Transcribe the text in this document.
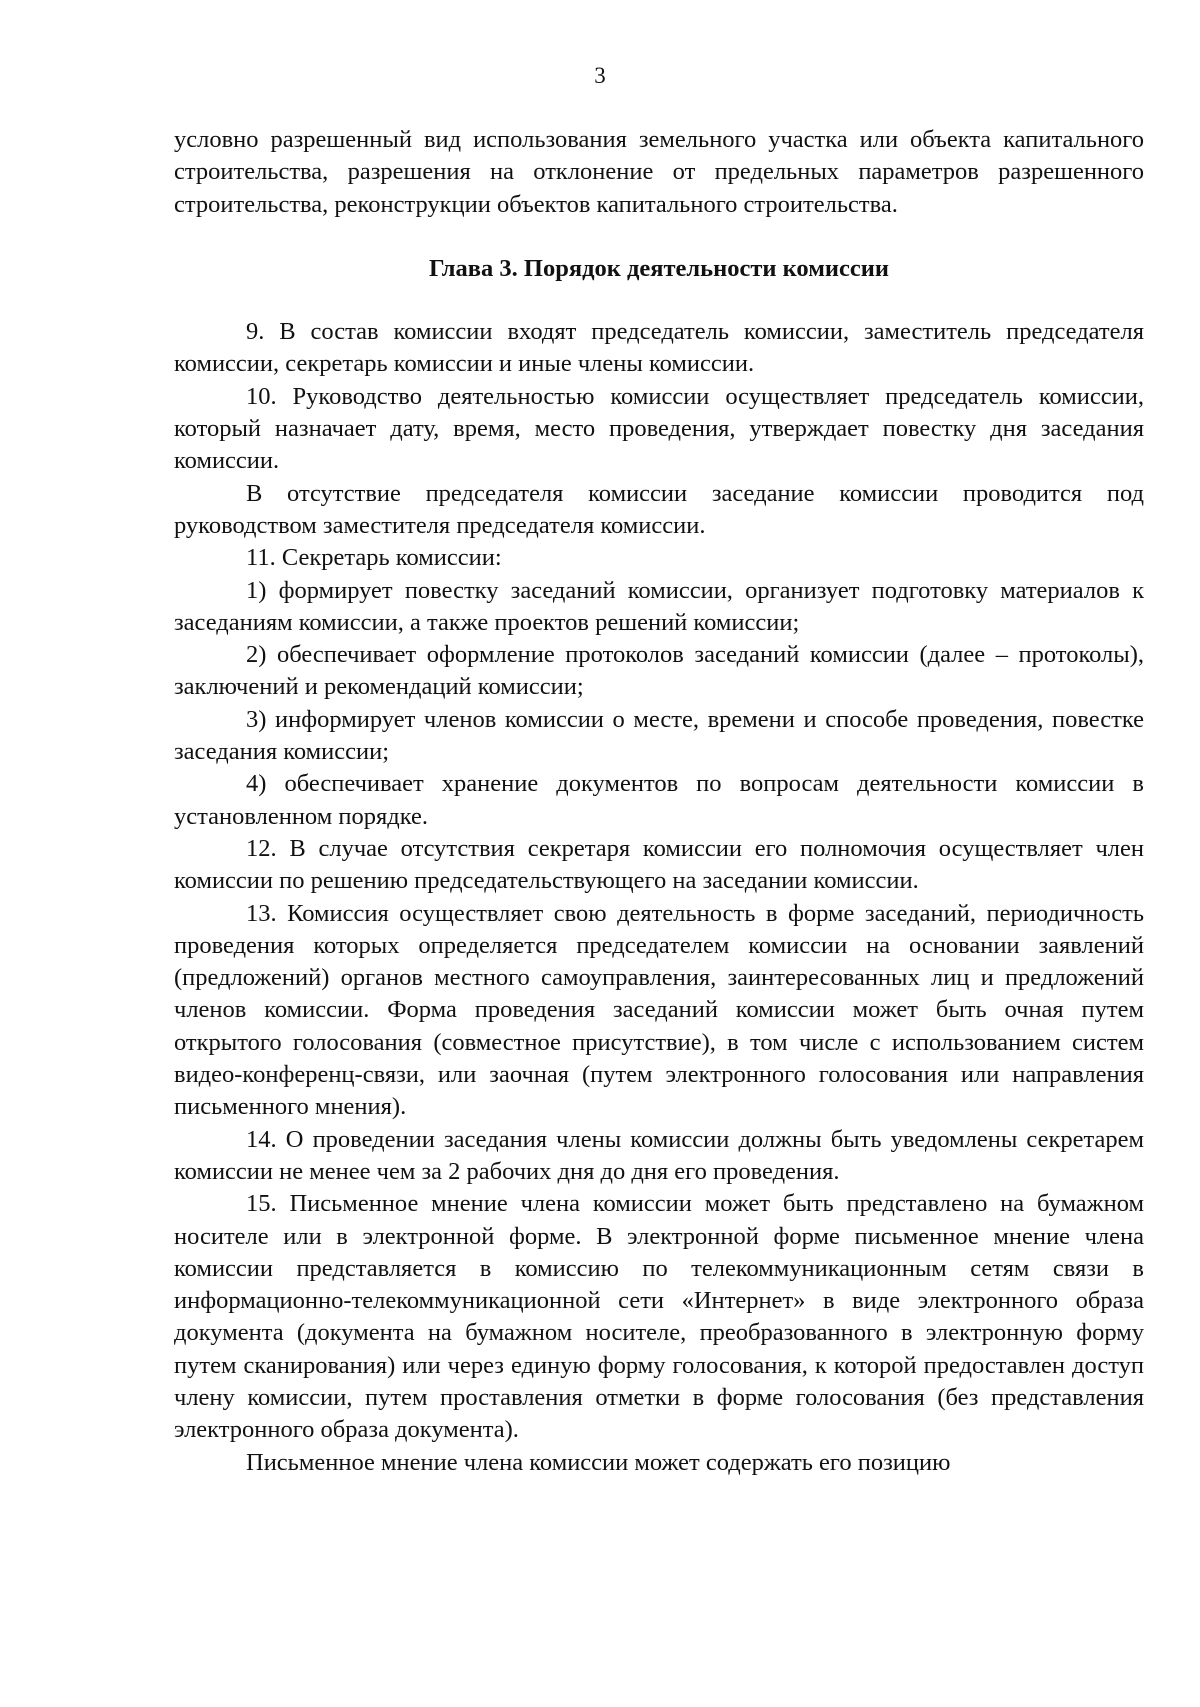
3

условно разрешенный вид использования земельного участка или объекта капитального строительства, разрешения на отклонение от предельных параметров разрешенного строительства, реконструкции объектов капитального строительства.

Глава 3. Порядок деятельности комиссии

9. В состав комиссии входят председатель комиссии, заместитель председателя комиссии, секретарь комиссии и иные члены комиссии.

10. Руководство деятельностью комиссии осуществляет председатель комиссии, который назначает дату, время, место проведения, утверждает повестку дня заседания комиссии.

В отсутствие председателя комиссии заседание комиссии проводится под руководством заместителя председателя комиссии.

11. Секретарь комиссии:

1) формирует повестку заседаний комиссии, организует подготовку материалов к заседаниям комиссии, а также проектов решений комиссии;

2) обеспечивает оформление протоколов заседаний комиссии (далее – протоколы), заключений и рекомендаций комиссии;

3) информирует членов комиссии о месте, времени и способе проведения, повестке заседания комиссии;

4) обеспечивает хранение документов по вопросам деятельности комиссии в установленном порядке.

12. В случае отсутствия секретаря комиссии его полномочия осуществляет член комиссии по решению председательствующего на заседании комиссии.

13. Комиссия осуществляет свою деятельность в форме заседаний, периодичность проведения которых определяется председателем комиссии на основании заявлений (предложений) органов местного самоуправления, заинтересованных лиц и предложений членов комиссии. Форма проведения заседаний комиссии может быть очная путем открытого голосования (совместное присутствие), в том числе с использованием систем видео-конференц-связи, или заочная (путем электронного голосования или направления письменного мнения).

14. О проведении заседания члены комиссии должны быть уведомлены секретарем комиссии не менее чем за 2 рабочих дня до дня его проведения.

15. Письменное мнение члена комиссии может быть представлено на бумажном носителе или в электронной форме. В электронной форме письменное мнение члена комиссии представляется в комиссию по телекоммуникационным сетям связи в информационно-телекоммуникационной сети «Интернет» в виде электронного образа документа (документа на бумажном носителе, преобразованного в электронную форму путем сканирования) или через единую форму голосования, к которой предоставлен доступ члену комиссии, путем проставления отметки в форме голосования (без представления электронного образа документа).

Письменное мнение члена комиссии может содержать его позицию
